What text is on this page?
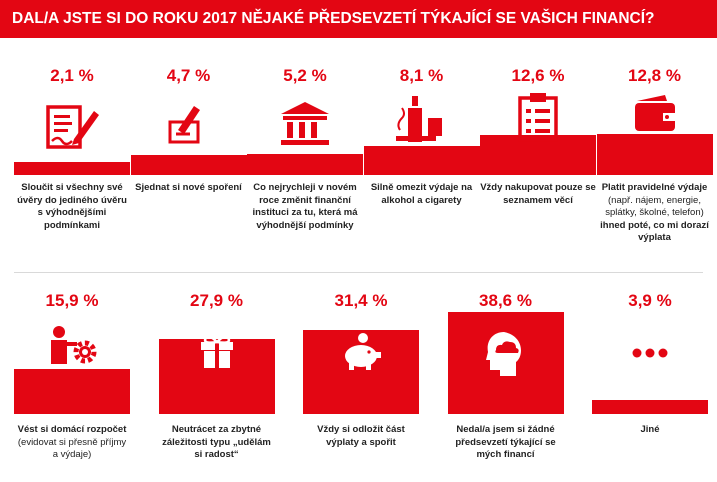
DAL/A JSTE SI DO ROKU 2017 NĚJAKÉ PŘEDSEVZETÍ TÝKAJÍCÍ SE VAŠICH FINANCÍ?
2,1 %
Sloučit si všechny své úvěry do jediného úvěru s výhodnějšími podmínkami
4,7 %
Sjednat si nové spoření
5,2 %
Co nejrychleji v novém roce změnit finanční instituci za tu, která má výhodnější podmínky
8,1 %
Silně omezit výdaje na alkohol a cigarety
12,6 %
Vždy nakupovat pouze se seznamem věcí
12,8 %
Platit pravidelné výdaje
(např. nájem, energie, splátky, školné, telefon)
ihned poté, co mi dorazí výplata
15,9 %
Vést si domácí rozpočet
(evidovat si přesně příjmy a výdaje)
27,9 %
Neutrácet za zbytné záležitosti typu „udělám si radost“
31,4 %
Vždy si odložit část výplaty a spořit
38,6 %
Nedal/a jsem si žádné předsevzetí týkající se mých financí
3,9 %
Jiné
